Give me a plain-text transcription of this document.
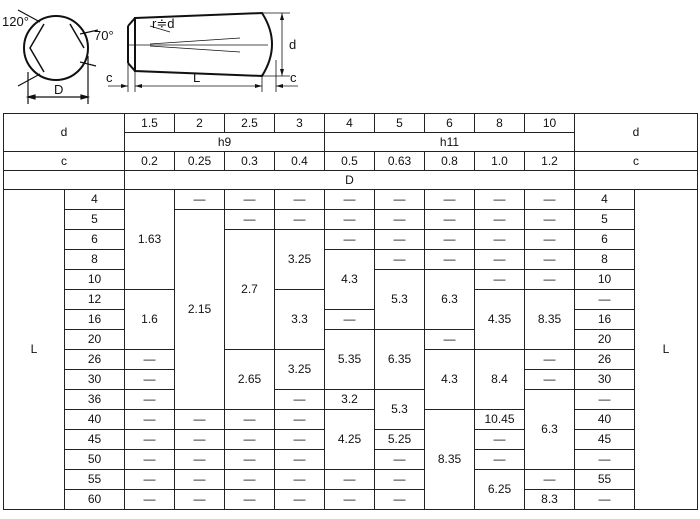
120°
70°
D
r≑d
d
L
c	c
d		1.5	2	2.5	3	4	5	6	8	10	d		
		h9				h11							
c		0.2	0.25	0.3	0.4	0.5	0.63	0.8	1.0	1.2	c		
		D											
L	4	1.63	—	—	—	—	—	—	—	—	4	L	
	5		2.15	—	—	—	—	—	—	—	5		
	6			2.7	3.25	—	—	—	—	—	6		
	8					4.3	—	—	—	—	8		
	10						5.3	6.3	—	—	10		
	12	1.6			3.3				4.35	8.35	—	
	16					—					16		
	20					5.35	6.35	—			20		
	26	—		2.65	3.25			4.3	8.4	—	26		
	30	—								—	30		
	36	—			—	3.2	5.3			6.3	—	
	40	—	—	—	—	4.25		8.35	10.45		40		
	45	—	—	—	—		5.25		—		45		
	50	—	—	—	—		—		—		—	
	55	—	—	—	—	—	—		6.25	—	55		
	60	—	—	—	—	—	—			8.3	—	
